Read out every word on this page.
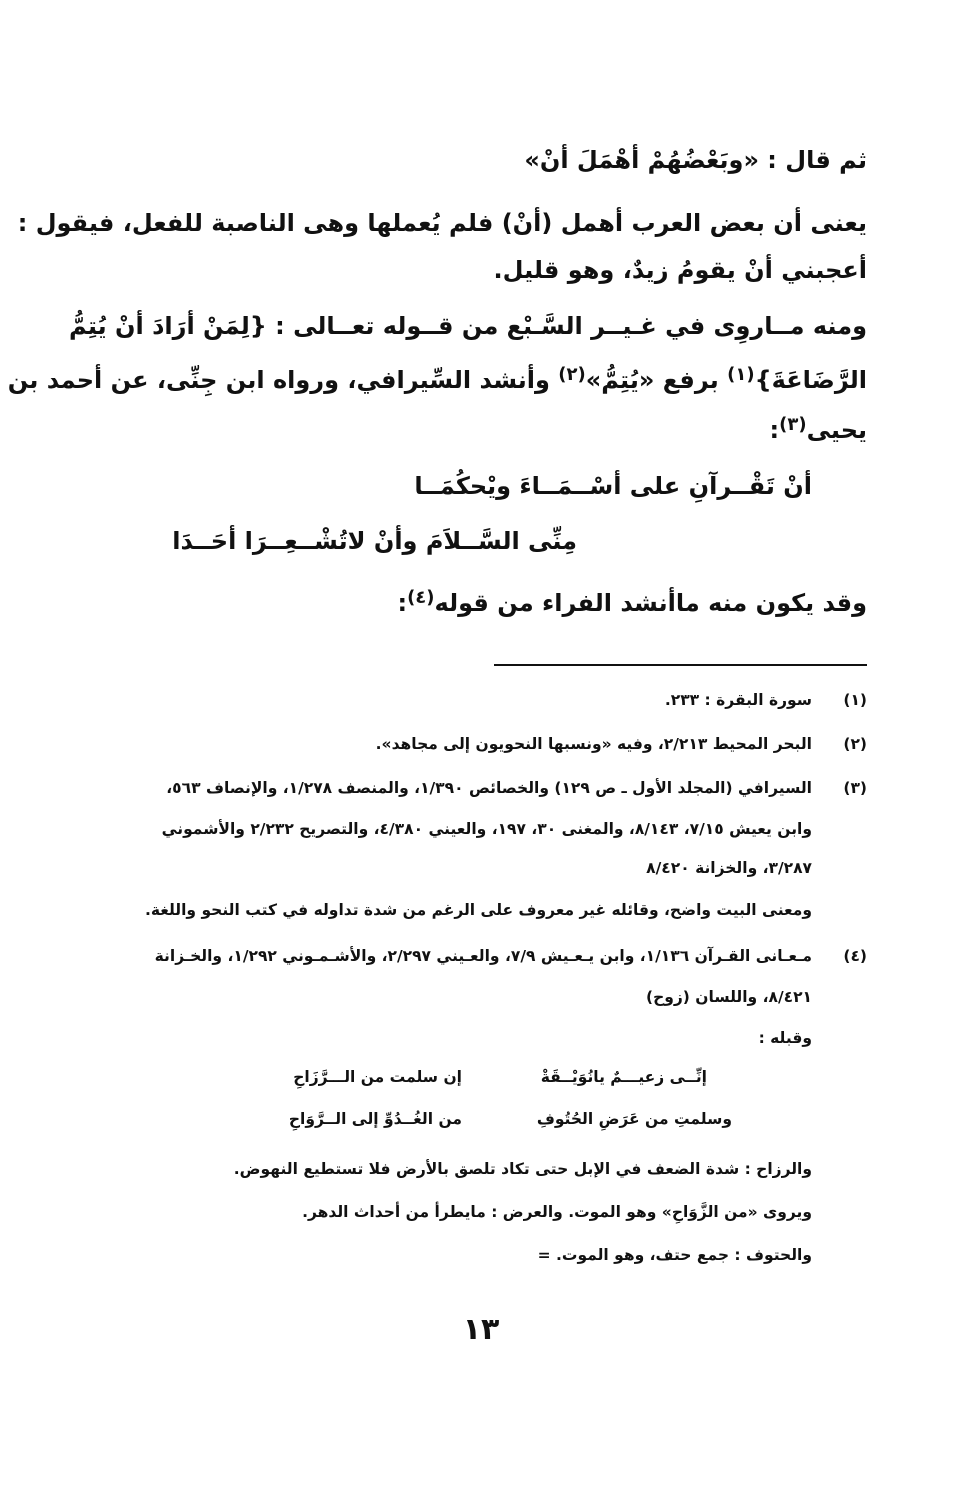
ثم قال : «وبَعْضُهُمْ أهْمَلَ أنْ»
يعنى أن بعض العرب أهمل (أنْ) فلم يُعملها وهى الناصبة للفعل، فيقول :
أعجبني أنْ يقومُ زيدٌ، وهو قليل.
ومنه مــاروِى في غـيــر السَّـبْع من قــوله تعــالى : {لِمَنْ أرَادَ أنْ يُتِمُّ
الرَّضَاعَةَ}$^{(١)}$ برفع «يُتِمُّ»$^{(٢)}$ وأنشد السِّيرافي، ورواه ابن جِنِّى، عن أحمد بن
يحيى$^{(٣)}$:
أنْ تَقْــرآنِ على أسْــمَــاءَ ويْحكُمَــا
مِنِّى السَّــلاَمَ وأنْ لاتُشْــعِــرَا أحَــدَا
وقد يكون منه ماأنشد الفراء من قوله$^{(٤)}$:
(١)
سورة البقرة : ٢٣٣.
(٢)
البحر المحيط ٢/٢١٣، وفيه «ونسبها النحويون إلى مجاهد».
(٣)
السيرافي (المجلد الأول ـ ص ١٢٩) والخصائص ١/٣٩٠، والمنصف ١/٢٧٨، والإنصاف ٥٦٣،
وابن يعيش ٧/١٥، ٨/١٤٣، والمغنى ٣٠، ١٩٧، والعيني ٤/٣٨٠، والتصريح ٢/٢٣٢ والأشموني
٣/٢٨٧، والخزانة ٨/٤٢٠
ومعنى البيت واضح، وقائله غير معروف على الرغم من شدة تداوله في كتب النحو واللغة.
(٤)
مـعـانى القـرآن ١/١٣٦، وابن يـعـيش ٧/٩، والعـيني ٢/٢٩٧، والأشـمـوني ١/٢٩٢، والخـزانة
٨/٤٢١، واللسان (زوح)
وقبله :
إنِّــى زعيـــمٌ يانُوَيْــقَةْ
إن سلمت من الـــرَّزَاحِ
وسلمتِ من عَرَضِ الحُتُوفِ
من الغُــدُوِّ إلى الــرَّوَاحِ
والرزاح : شدة الضعف في الإبل حتى تكاد تلصق بالأرض فلا تستطيع النهوض.
ويروى «من الزَّوَاحِ» وهو الموت. والعرض : مايطرأ من أحداث الدهر.
والحتوف : جمع حتف، وهو الموت. =
١٣
